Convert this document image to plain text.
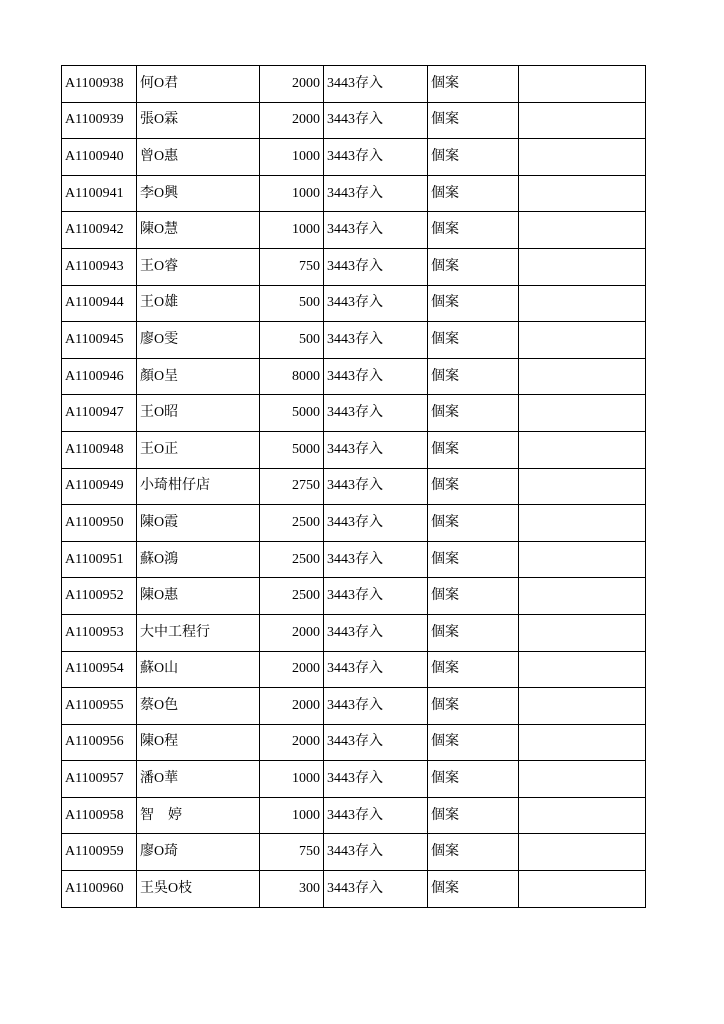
A1100938	何O君	2000	3443存入	個案	
A1100939	張O霖	2000	3443存入	個案	
A1100940	曾O惠	1000	3443存入	個案	
A1100941	李O興	1000	3443存入	個案	
A1100942	陳O慧	1000	3443存入	個案	
A1100943	王O睿	750	3443存入	個案	
A1100944	王O雄	500	3443存入	個案	
A1100945	廖O雯	500	3443存入	個案	
A1100946	顏O呈	8000	3443存入	個案	
A1100947	王O昭	5000	3443存入	個案	
A1100948	王O正	5000	3443存入	個案	
A1100949	小琦柑仔店	2750	3443存入	個案	
A1100950	陳O霞	2500	3443存入	個案	
A1100951	蘇O鴻	2500	3443存入	個案	
A1100952	陳O惠	2500	3443存入	個案	
A1100953	大中工程行	2000	3443存入	個案	
A1100954	蘇O山	2000	3443存入	個案	
A1100955	蔡O色	2000	3443存入	個案	
A1100956	陳O程	2000	3443存入	個案	
A1100957	潘O華	1000	3443存入	個案	
A1100958	智　婷	1000	3443存入	個案	
A1100959	廖O琦	750	3443存入	個案	
A1100960	王吳O枝	300	3443存入	個案	
